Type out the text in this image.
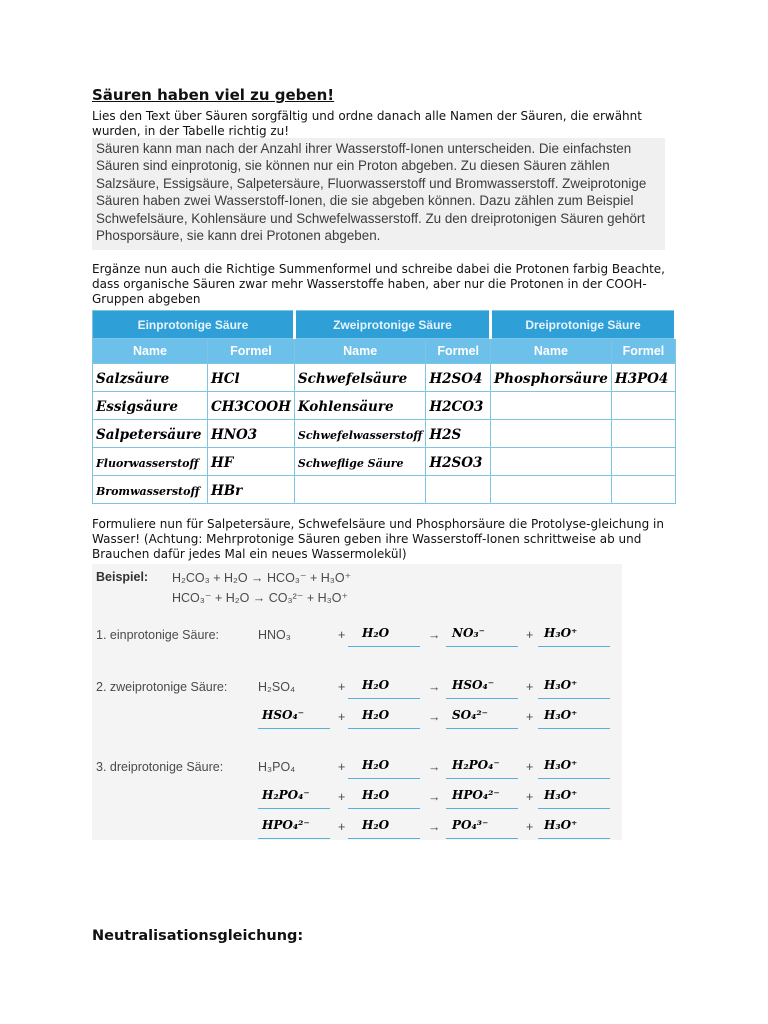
Säuren haben viel zu geben!
Lies den Text über Säuren sorgfältig und ordne danach alle Namen der Säuren, die erwähnt wurden, in der Tabelle richtig zu!
Säuren kann man nach der Anzahl ihrer Wasserstoff-Ionen unterscheiden. Die einfachsten Säuren sind einprotonig, sie können nur ein Proton abgeben. Zu diesen Säuren zählen Salzsäure, Essigsäure, Salpetersäure, Fluorwasserstoff und Bromwasserstoff. Zweiprotonige Säuren haben zwei Wasserstoff-Ionen, die sie abgeben können. Dazu zählen zum Beispiel Schwefelsäure, Kohlensäure und Schwefelwasserstoff. Zu den dreiprotonigen Säuren gehört Phosporsäure, sie kann drei Protonen abgeben.
Ergänze nun auch die Richtige Summenformel und schreibe dabei die Protonen farbig Beachte, dass organische Säuren zwar mehr Wasserstoffe haben, aber nur die Protonen in der COOH-Gruppen abgeben
Einprotonige Säure		Zweiprotonige Säure		Dreiprotonige Säure	
Name	Formel	Name	Formel	Name	Formel
Salzsäure	HCl	Schwefelsäure	H2SO4	Phosphorsäure	H3PO4
Essigsäure	CH3COOH	Kohlensäure	H2CO3		
Salpetersäure	HNO3	Schwefelwasserstoff	H2S		
Fluorwasserstoff	HF	Schweflige Säure	H2SO3		
Bromwasserstoff	HBr				
Formuliere nun für Salpetersäure, Schwefelsäure und Phosphorsäure die Protolyse-gleichung in Wasser! (Achtung: Mehrprotonige Säuren geben ihre Wasserstoff-Ionen schrittweise ab und Brauchen dafür jedes Mal ein neues Wassermolekül)
Beispiel: H₂CO₃ + H₂O → HCO₃⁻ + H₃O⁺
HCO₃⁻ + H₂O → CO₃²⁻ + H₃O⁺
1. einprotonige Säure:	HNO₃	+ H₂O	→ NO₃⁻	+ H₃O⁺
2. zweiprotonige Säure: H₂SO₄	+ H₂O	→ HSO₄⁻	+ H₃O⁺
HSO₄⁻	+ H₂O	→ SO₄²⁻	+ H₃O⁺
3. dreiprotonige Säure:	H₃PO₄	+ H₂O	→ H₂PO₄⁻ + H₃O⁺
H₂PO₄⁻ + H₂O	→ HPO₄²⁻ + H₃O⁺
HPO₄²⁻ + H₂O	→ PO₄³⁻	+ H₃O⁺
Neutralisationsgleichung:
